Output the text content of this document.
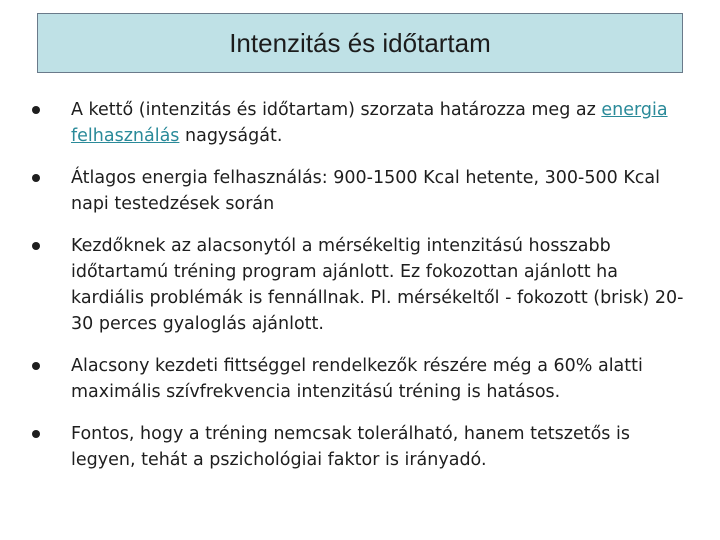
Intenzitás és időtartam
A kettő (intenzitás és időtartam) szorzata határozza meg az energia felhasználás nagyságát.
Átlagos energia felhasználás: 900-1500 Kcal hetente, 300-500 Kcal napi testedzések során
Kezdőknek az alacsonytól a mérsékeltig intenzitású hosszabb időtartamú tréning program ajánlott. Ez fokozottan ajánlott ha kardiális problémák is fennállnak. Pl. mérsékeltől - fokozott (brisk) 20-30 perces gyaloglás ajánlott.
Alacsony kezdeti fittséggel rendelkezők részére még a 60% alatti maximális szívfrekvencia intenzitású tréning is hatásos.
Fontos, hogy a tréning nemcsak tolerálható, hanem tetszetős is legyen, tehát a pszichológiai faktor is irányadó.
